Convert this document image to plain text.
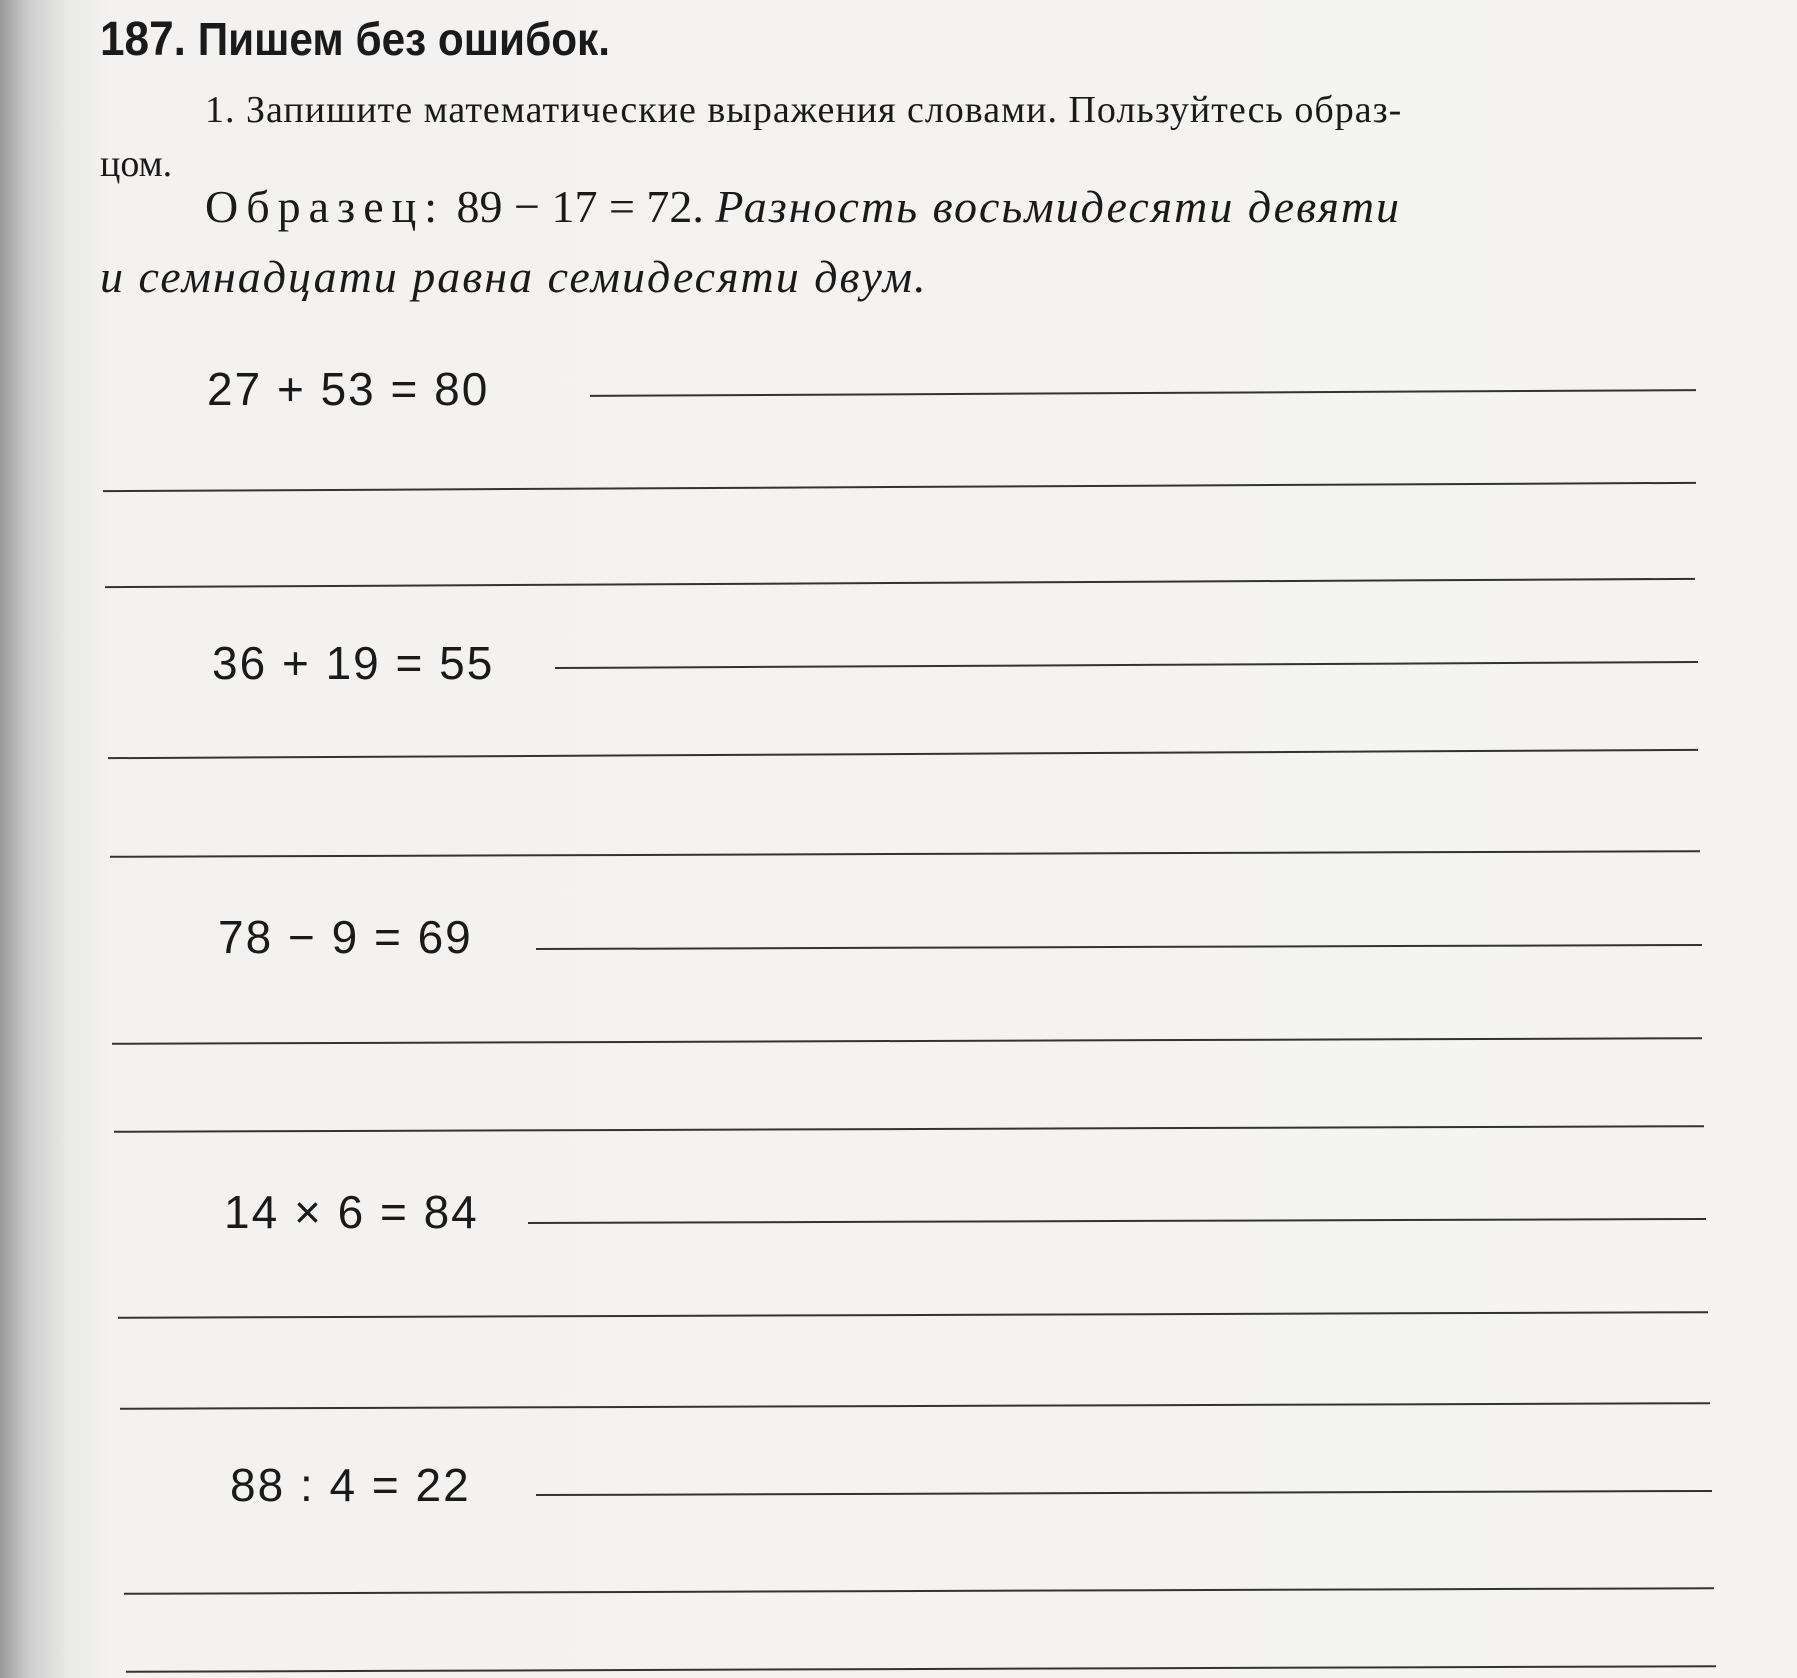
187. Пишем без ошибок.
1. Запишите математические выражения словами. Пользуйтесь образ-
цом.
Образец: 89 − 17 = 72. Разность восьмидесяти девяти
и семнадцати равна семидесяти двум.
27 + 53 = 80
36 + 19 = 55
78 − 9 = 69
14 × 6 = 84
88 : 4 = 22
